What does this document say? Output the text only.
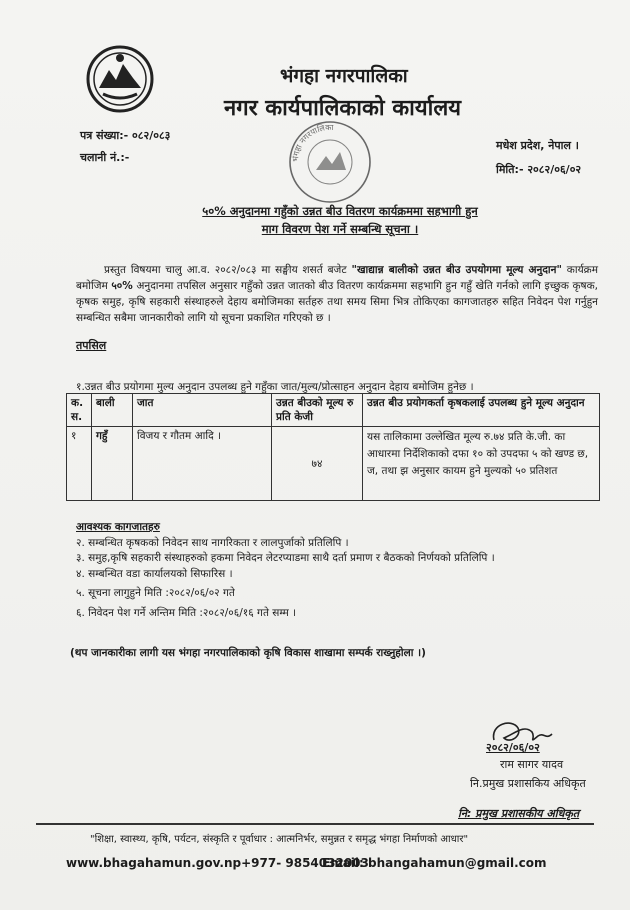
भंगहा नगरपालिका
नगर कार्यपालिकाको कार्यालय
पत्र संख्या:- ०८२/०८३
चलानी नं.:-
मधेश प्रदेश, नेपाल ।
मिति:- २०८२/०६/०२
भंगहा नगरपालिका
५०% अनुदानमा गहुँको उन्नत बीउ वितरण कार्यक्रममा सहभागी हुन
माग विवरण पेश गर्ने सम्बन्धि सूचना ।
प्रस्तुत विषयमा चालु आ.व. २०८२/०८३ मा सङ्घीय शसर्त बजेट "खाद्यान्न बालीको उन्नत बीउ उपयोगमा मूल्य अनुदान" कार्यक्रम बमोजिम ५०% अनुदानमा तपसिल अनुसार गहुँको उन्नत जातको बीउ वितरण कार्यक्रममा सहभागि हुन गहुँ खेति गर्नको लागि इच्छुक कृषक, कृषक समुह, कृषि सहकारी संस्थाहरुले देहाय बमोजिमका सर्तहरु तथा समय सिमा भित्र तोकिएका कागजातहरु सहित निवेदन पेश गर्नुहुन सम्बन्धित सबैमा जानकारीको लागि यो सूचना प्रकाशित गरिएको छ ।
तपसिल
१.उन्नत बीउ प्रयोगमा मुल्य अनुदान उपलब्ध हुने गहुँका जात/मुल्य/प्रोत्साहन अनुदान देहाय बमोजिम हुनेछ ।
क. स.	बाली	जात	उन्नत बीउको मूल्य रु प्रति केजी	उन्नत बीउ प्रयोगकर्ता कृषकलाई उपलब्ध हुने मूल्य अनुदान
१	गहुँ	विजय र गौतम आदि ।	७४	यस तालिकामा उल्लेखित मूल्य रु.७४ प्रति के.जी. का आधारमा निर्देशिकाको दफा १० को उपदफा ५ को खण्ड छ, ज, तथा झ अनुसार कायम हुने मुल्यको ५० प्रतिशत
आवश्यक कागजातहरु
२. सम्बन्धित कृषकको निवेदन साथ नागरिकता र लालपुर्जाको प्रतिलिपि ।
३. समुह,कृषि सहकारी संस्थाहरुको हकमा निवेदन लेटरप्याडमा साथै दर्ता प्रमाण र बैठकको निर्णयको प्रतिलिपि ।
४. सम्बन्धित वडा कार्यालयको सिफारिस ।
५. सूचना लागुहुने मिति :२०८२/०६/०२ गते
६. निवेदन पेश गर्ने अन्तिम मिति :२०८२/०६/१६ गते सम्म ।
(थप जानकारीका लागी यस भंगहा नगरपालिकाको कृषि विकास शाखामा सम्पर्क राख्नुहोला ।)
२०८२/०६/०२
राम सागर यादव
नि.प्रमुख प्रशासकिय अधिकृत
नि: प्रमुख प्रशासकीय अधिकृत
"शिक्षा, स्वास्थ्य, कृषि, पर्यटन, संस्कृति र पूर्वाधार : आत्मनिर्भर, समुन्नत र समृद्ध भंगहा निर्माणको आधार"
www.bhagahamun.gov.np+977- 9854032003
Email: bhangahamun@gmail.com
